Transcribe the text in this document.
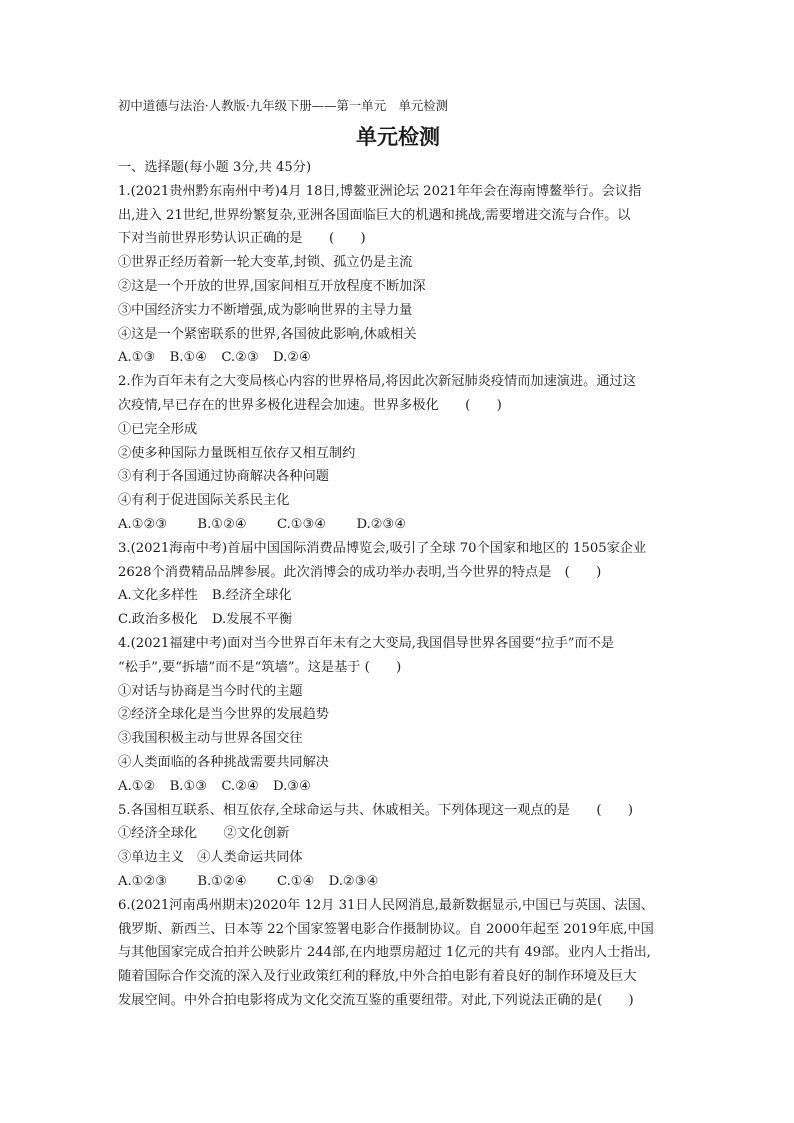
初中道德与法治·人教版·九年级下册——第一单元　单元检测
单元检测
一、选择题(每小题 3分,共 45分)
1.(2021贵州黔东南州中考)4月 18日,博鳌亚洲论坛 2021年年会在海南博鳌举行。会议指
出,进入 21世纪,世界纷繁复杂,亚洲各国面临巨大的机遇和挑战,需要增进交流与合作。以
下对当前世界形势认识正确的是　　(　　)
①世界正经历着新一轮大变革,封锁、孤立仍是主流
②这是一个开放的世界,国家间相互开放程度不断加深
③中国经济实力不断增强,成为影响世界的主导力量
④这是一个紧密联系的世界,各国彼此影响,休戚相关
A.①③ B.①④ C.②③ D.②④
2.作为百年未有之大变局核心内容的世界格局,将因此次新冠肺炎疫情而加速演进。通过这
次疫情,早已存在的世界多极化进程会加速。世界多极化　　(　　)
①已完全形成
②使多种国际力量既相互依存又相互制约
③有利于各国通过协商解决各种问题
④有利于促进国际关系民主化
A.①②③ B.①②④ C.①③④ D.②③④
3.(2021海南中考)首届中国国际消费品博览会,吸引了全球 70个国家和地区的 1505家企业
2628个消费精品品牌参展。此次消博会的成功举办表明,当今世界的特点是　(　　)
A.文化多样性 B.经济全球化
C.政治多极化 D.发展不平衡
4.(2021福建中考)面对当今世界百年未有之大变局,我国倡导世界各国要“拉手”而不是
“松手”,要“拆墙”而不是“筑墙”。这是基于 (　　)
①对话与协商是当今时代的主题
②经济全球化是当今世界的发展趋势
③我国积极主动与世界各国交往
④人类面临的各种挑战需要共同解决
A.①② B.①③ C.②④ D.③④
5.各国相互联系、相互依存,全球命运与共、休戚相关。下列体现这一观点的是　　(　　)
①经济全球化　　②文化创新
③单边主义　④人类命运共同体
A.①②③ B.①②④ C.①④ D.②③④
6.(2021河南禹州期末)2020年 12月 31日人民网消息,最新数据显示,中国已与英国、法国、
俄罗斯、新西兰、日本等 22个国家签署电影合作摄制协议。自 2000年起至 2019年底,中国
与其他国家完成合拍并公映影片 244部,在内地票房超过 1亿元的共有 49部。业内人士指出,
随着国际合作交流的深入及行业政策红利的释放,中外合拍电影有着良好的制作环境及巨大
发展空间。中外合拍电影将成为文化交流互鉴的重要纽带。对此,下列说法正确的是(　　)
